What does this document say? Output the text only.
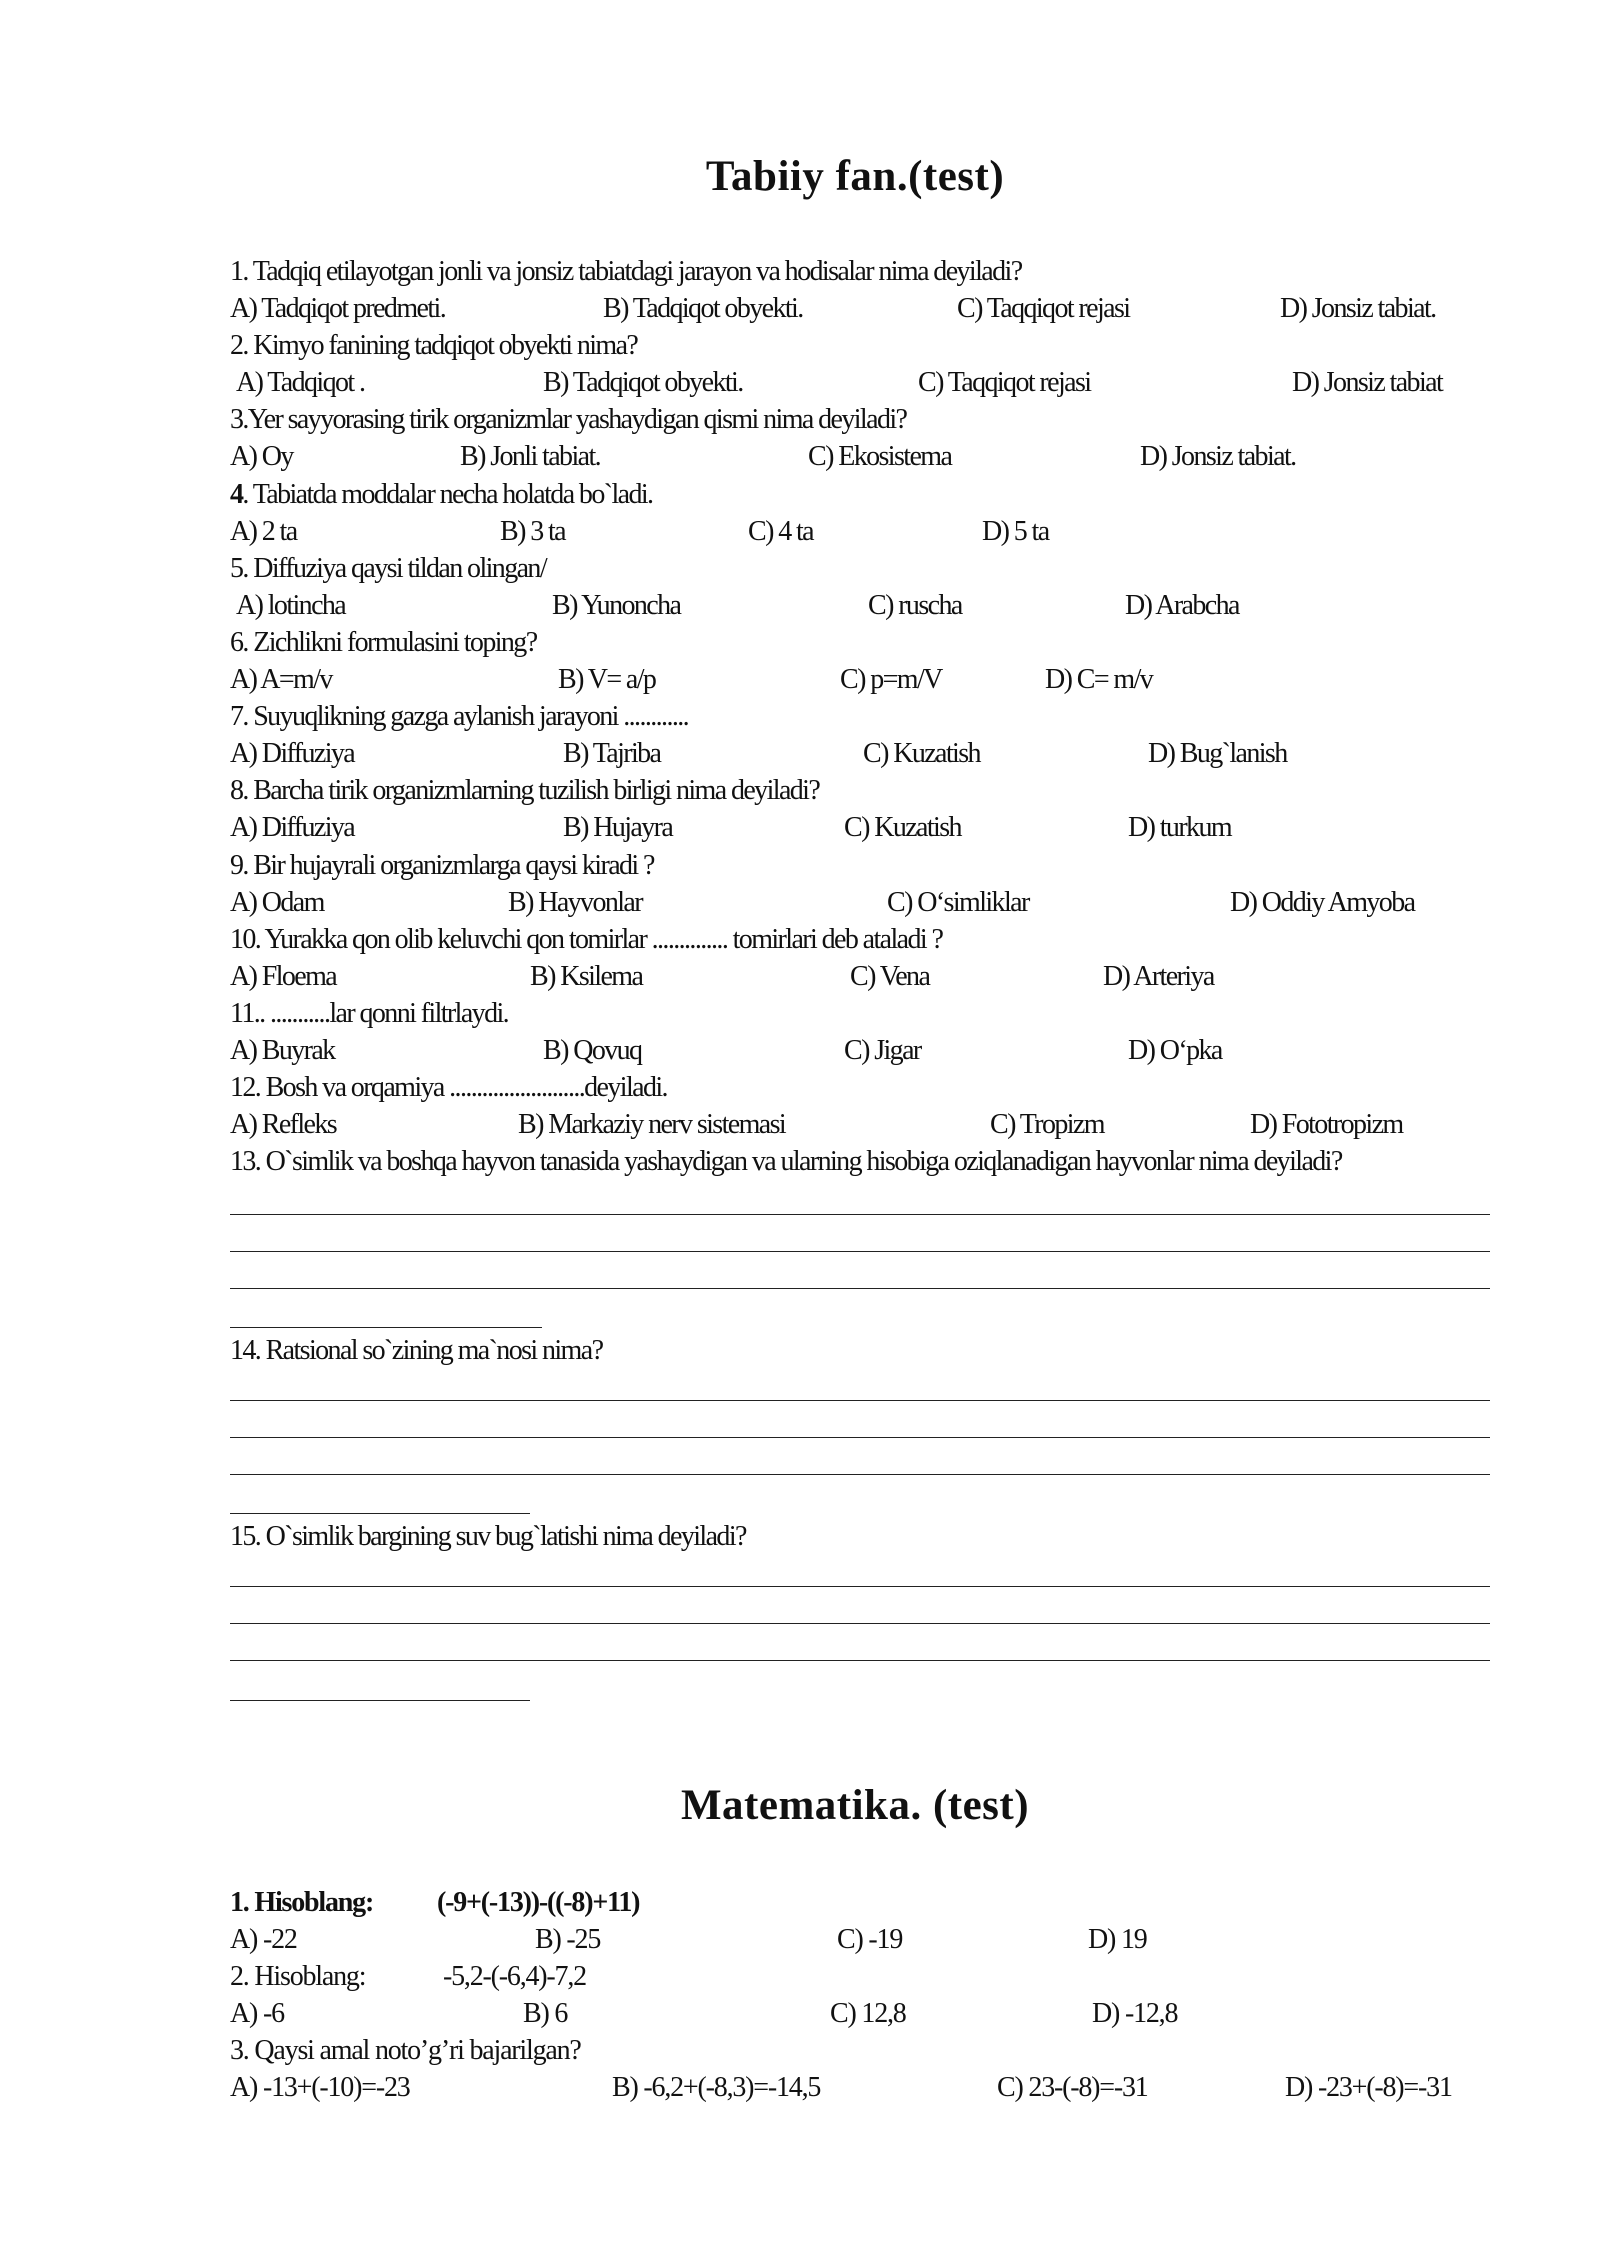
Tabiiy fan.(test)
1. Tadqiq etilayotgan jonli va jonsiz tabiatdagi jarayon va hodisalar nima deyiladi?
A) Tadqiqot predmeti.	B) Tadqiqot obyekti.	C) Taqqiqot rejasi	D) Jonsiz tabiat.
2. Kimyo fanining tadqiqot obyekti nima?
A) Tadqiqot .	B) Tadqiqot obyekti.	C) Taqqiqot rejasi	D) Jonsiz tabiat
3.Yer sayyorasing tirik organizmlar yashaydigan qismi nima deyiladi?
A) Oy	B) Jonli tabiat.	C) Ekosistema	D) Jonsiz tabiat.
4. Tabiatda moddalar necha holatda bo`ladi.
A) 2 ta	B) 3 ta	C) 4 ta	D) 5 ta
5. Diffuziya qaysi tildan olingan/
A) lotincha	B) Yunoncha	C) ruscha	D) Arabcha
6. Zichlikni formulasini toping?
A) A=m/v	B) V= a/p	C) p=m/V	D) C= m/v
7. Suyuqlikning gazga aylanish jarayoni ............
A) Diffuziya	B) Tajriba	C) Kuzatish	D) Bug`lanish
8. Barcha tirik organizmlarning tuzilish birligi nima deyiladi?
A) Diffuziya	B) Hujayra	C) Kuzatish	D) turkum
9. Bir hujayrali organizmlarga qaysi kiradi ?
A) Odam	B) Hayvonlar	C) O‘simliklar	D) Oddiy Amyoba
10. Yurakka qon olib keluvchi qon tomirlar .............. tomirlari deb ataladi ?
A) Floema	B) Ksilema	C) Vena	D) Arteriya
11.. ...........lar qonni filtrlaydi.
A) Buyrak	B) Qovuq	C) Jigar	D) O‘pka
12. Bosh va orqamiya .........................deyiladi.
A) Refleks	B) Markaziy nerv sistemasi	C) Tropizm	D) Fototropizm
13. O`simlik va boshqa hayvon tanasida yashaydigan va ularning hisobiga oziqlanadigan hayvonlar nima deyiladi?
14. Ratsional so`zining ma`nosi nima?
15. O`simlik bargining suv bug`latishi nima deyiladi?
Matematika. (test)
1. Hisoblang: (-9+(-13))-((-8)+11)
A) -22	B) -25	C) -19	D) 19
2. Hisoblang:	-5,2-(-6,4)-7,2
A) -6	B) 6	C) 12,8	D) -12,8
3. Qaysi amal noto’g’ri bajarilgan?
A) -13+(-10)=-23	B) -6,2+(-8,3)=-14,5	C) 23-(-8)=-31	D) -23+(-8)=-31
